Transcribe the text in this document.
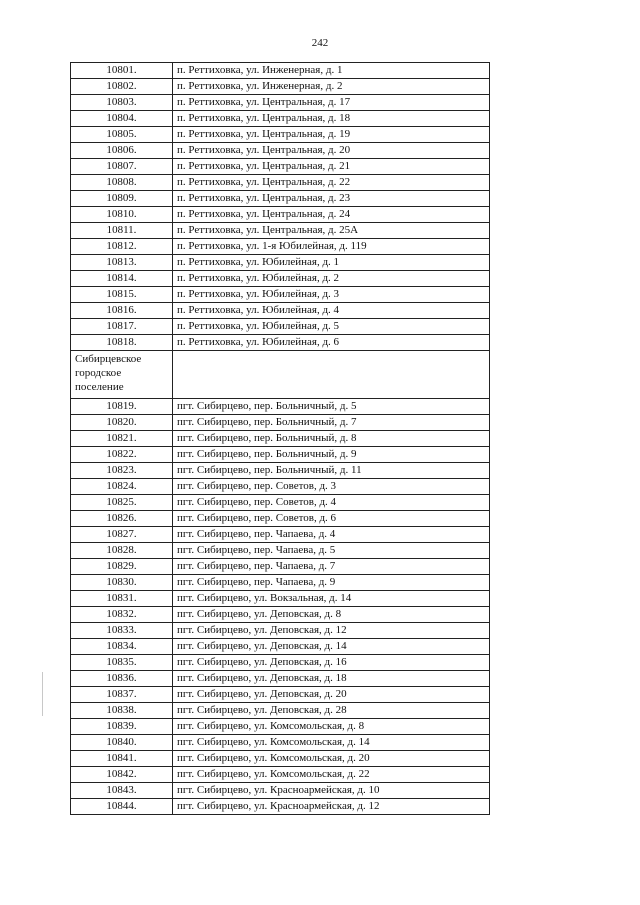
242
10801.	п. Реттиховка, ул. Инженерная, д. 1
10802.	п. Реттиховка, ул. Инженерная, д. 2
10803.	п. Реттиховка, ул. Центральная, д. 17
10804.	п. Реттиховка, ул. Центральная, д. 18
10805.	п. Реттиховка, ул. Центральная, д. 19
10806.	п. Реттиховка, ул. Центральная, д. 20
10807.	п. Реттиховка, ул. Центральная, д. 21
10808.	п. Реттиховка, ул. Центральная, д. 22
10809.	п. Реттиховка, ул. Центральная, д. 23
10810.	п. Реттиховка, ул. Центральная, д. 24
10811.	п. Реттиховка, ул. Центральная, д. 25А
10812.	п. Реттиховка, ул. 1-я Юбилейная, д. 119
10813.	п. Реттиховка, ул. Юбилейная, д. 1
10814.	п. Реттиховка, ул. Юбилейная, д. 2
10815.	п. Реттиховка, ул. Юбилейная, д. 3
10816.	п. Реттиховка, ул. Юбилейная, д. 4
10817.	п. Реттиховка, ул. Юбилейная, д. 5
10818.	п. Реттиховка, ул. Юбилейная, д. 6
Сибирцевское городское поселение	
10819.	пгт. Сибирцево, пер. Больничный, д. 5
10820.	пгт. Сибирцево, пер. Больничный, д. 7
10821.	пгт. Сибирцево, пер. Больничный, д. 8
10822.	пгт. Сибирцево, пер. Больничный, д. 9
10823.	пгт. Сибирцево, пер. Больничный, д. 11
10824.	пгт. Сибирцево, пер. Советов, д. 3
10825.	пгт. Сибирцево, пер. Советов, д. 4
10826.	пгт. Сибирцево, пер. Советов, д. 6
10827.	пгт. Сибирцево, пер. Чапаева, д. 4
10828.	пгт. Сибирцево, пер. Чапаева, д. 5
10829.	пгт. Сибирцево, пер. Чапаева, д. 7
10830.	пгт. Сибирцево, пер. Чапаева, д. 9
10831.	пгт. Сибирцево, ул. Вокзальная, д. 14
10832.	пгт. Сибирцево, ул. Деповская, д. 8
10833.	пгт. Сибирцево, ул. Деповская, д. 12
10834.	пгт. Сибирцево, ул. Деповская, д. 14
10835.	пгт. Сибирцево, ул. Деповская, д. 16
10836.	пгт. Сибирцево, ул. Деповская, д. 18
10837.	пгт. Сибирцево, ул. Деповская, д. 20
10838.	пгт. Сибирцево, ул. Деповская, д. 28
10839.	пгт. Сибирцево, ул. Комсомольская, д. 8
10840.	пгт. Сибирцево, ул. Комсомольская, д. 14
10841.	пгт. Сибирцево, ул. Комсомольская, д. 20
10842.	пгт. Сибирцево, ул. Комсомольская, д. 22
10843.	пгт. Сибирцево, ул. Красноармейская, д. 10
10844.	пгт. Сибирцево, ул. Красноармейская, д. 12
